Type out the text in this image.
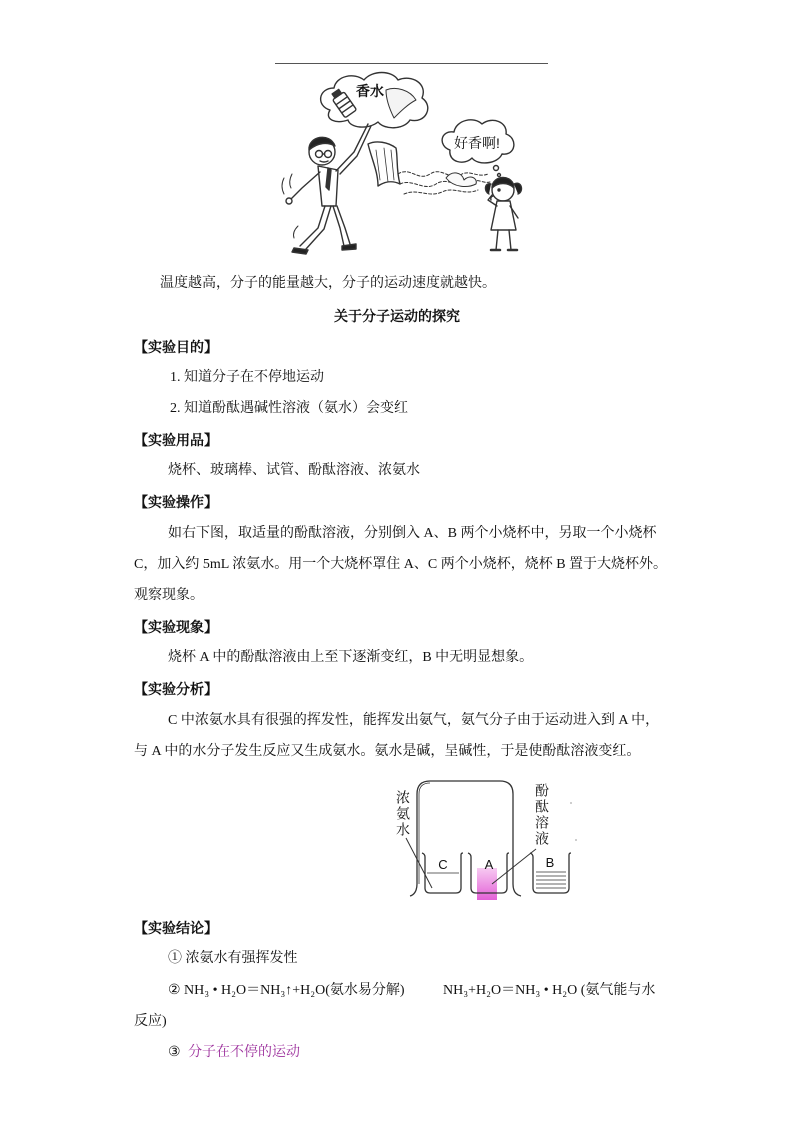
香水
好香啊!
温度越高，分子的能量越大，分子的运动速度就越快。
关于分子运动的探究
【实验目的】
1. 知道分子在不停地运动
2. 知道酚酞遇碱性溶液（氨水）会变红
【实验用品】
烧杯、玻璃棒、试管、酚酞溶液、浓氨水
【实验操作】
如右下图，取适量的酚酞溶液，分别倒入 A、B 两个小烧杯中，另取一个小烧杯
C，加入约 5mL 浓氨水。用一个大烧杯罩住 A、C 两个小烧杯，烧杯 B 置于大烧杯外。
观察现象。
【实验现象】
烧杯 A 中的酚酞溶液由上至下逐渐变红，B 中无明显想象。
【实验分析】
C 中浓氨水具有很强的挥发性，能挥发出氨气，氨气分子由于运动进入到 A 中，
与 A 中的水分子发生反应又生成氨水。氨水是碱，呈碱性，于是使酚酞溶液变红。
C	A	B
浓氨水	酚酞溶液
【实验结论】
① 浓氨水有强挥发性
② NH₃ • H₂O＝NH₃↑+H₂O(氨水易分解)	NH₃+H₂O＝NH₃ • H₂O (氨气能与水
反应)
③ 分子在不停的运动
